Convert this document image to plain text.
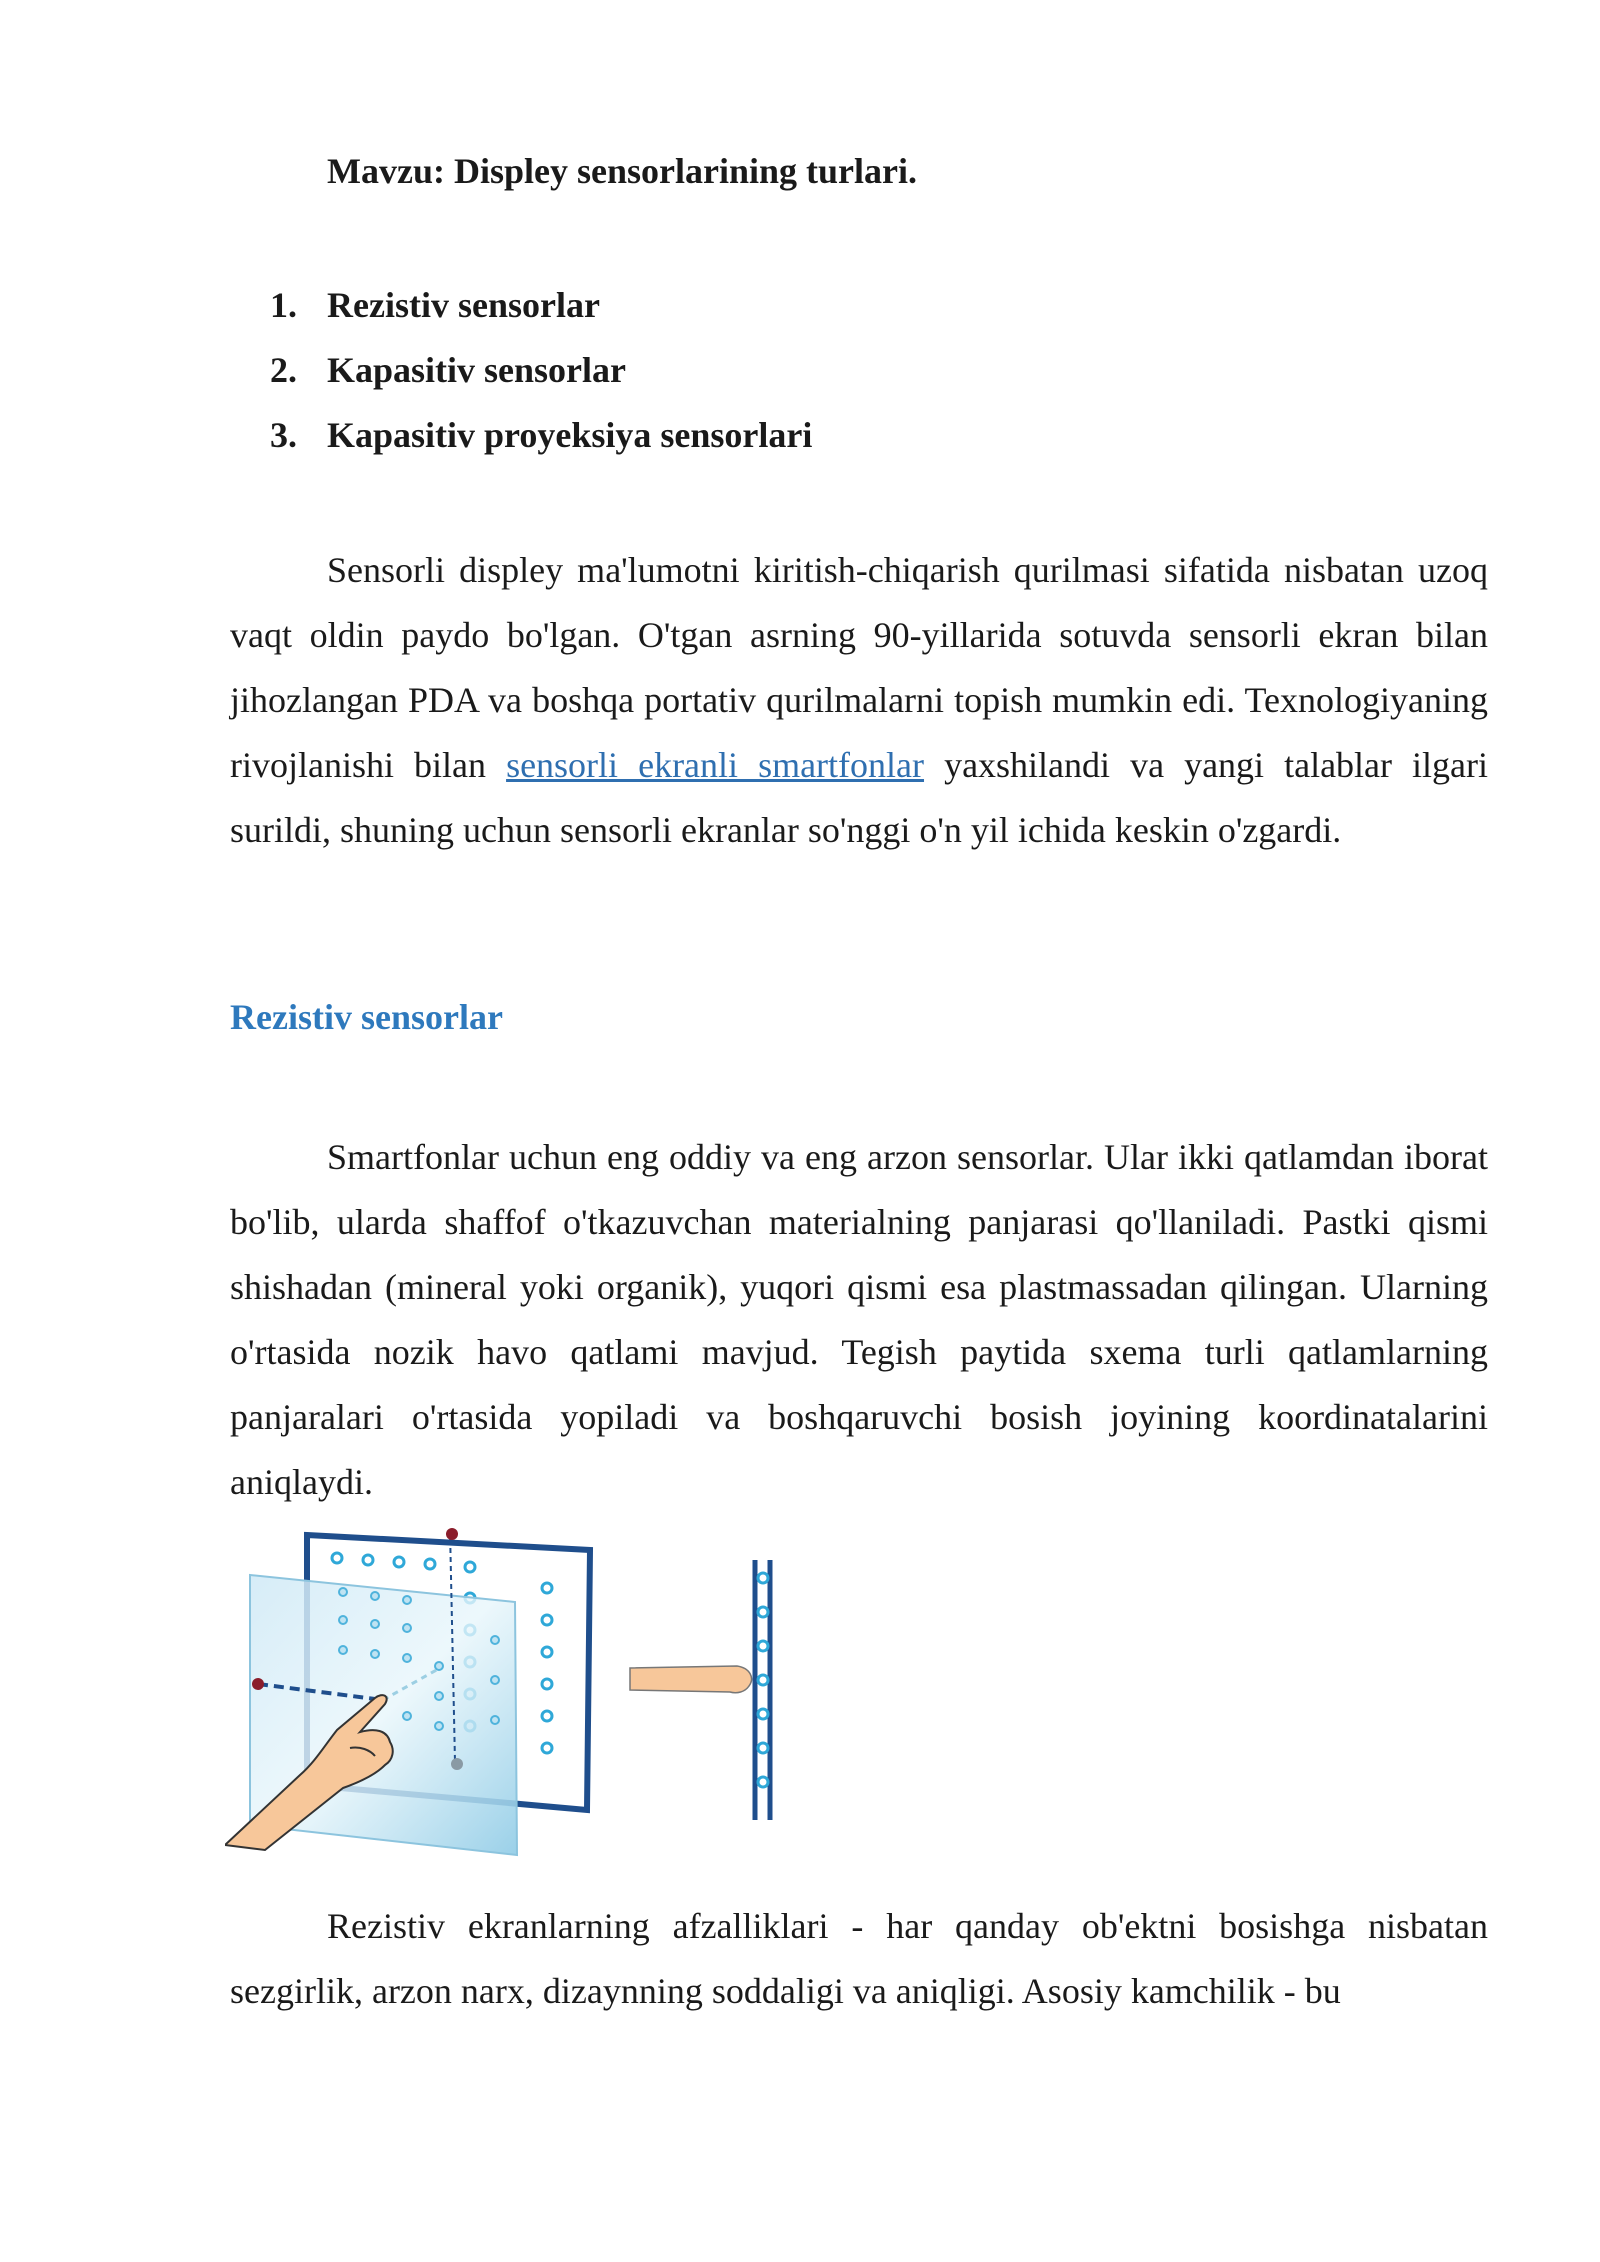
Mavzu: Displey sensorlarining turlari.
1. Rezistiv sensorlar
2. Kapasitiv sensorlar
3. Kapasitiv proyeksiya sensorlari

Sensorli displey ma'lumotni kiritish-chiqarish qurilmasi sifatida nisbatan uzoq vaqt oldin paydo bo'lgan. O'tgan asrning 90-yillarida sotuvda sensorli ekran bilan jihozlangan PDA va boshqa portativ qurilmalarni topish mumkin edi. Texnologiyaning rivojlanishi bilan sensorli ekranli smartfonlar yaxshilandi va yangi talablar ilgari surildi, shuning uchun sensorli ekranlar so'nggi o'n yil ichida keskin o'zgardi.

Rezistiv sensorlar

Smartfonlar uchun eng oddiy va eng arzon sensorlar. Ular ikki qatlamdan iborat bo'lib, ularda shaffof o'tkazuvchan materialning panjarasi qo'llaniladi. Pastki qismi shishadan (mineral yoki organik), yuqori qismi esa plastmassadan qilingan. Ularning o'rtasida nozik havo qatlami mavjud. Tegish paytida sxema turli qatlamlarning panjaralari o'rtasida yopiladi va boshqaruvchi bosish joyining koordinatalarini aniqlaydi.

Rezistiv ekranlarning afzalliklari - har qanday ob'ektni bosishga nisbatan sezgirlik, arzon narx, dizaynning soddaligi va aniqligi. Asosiy kamchilik - bu
